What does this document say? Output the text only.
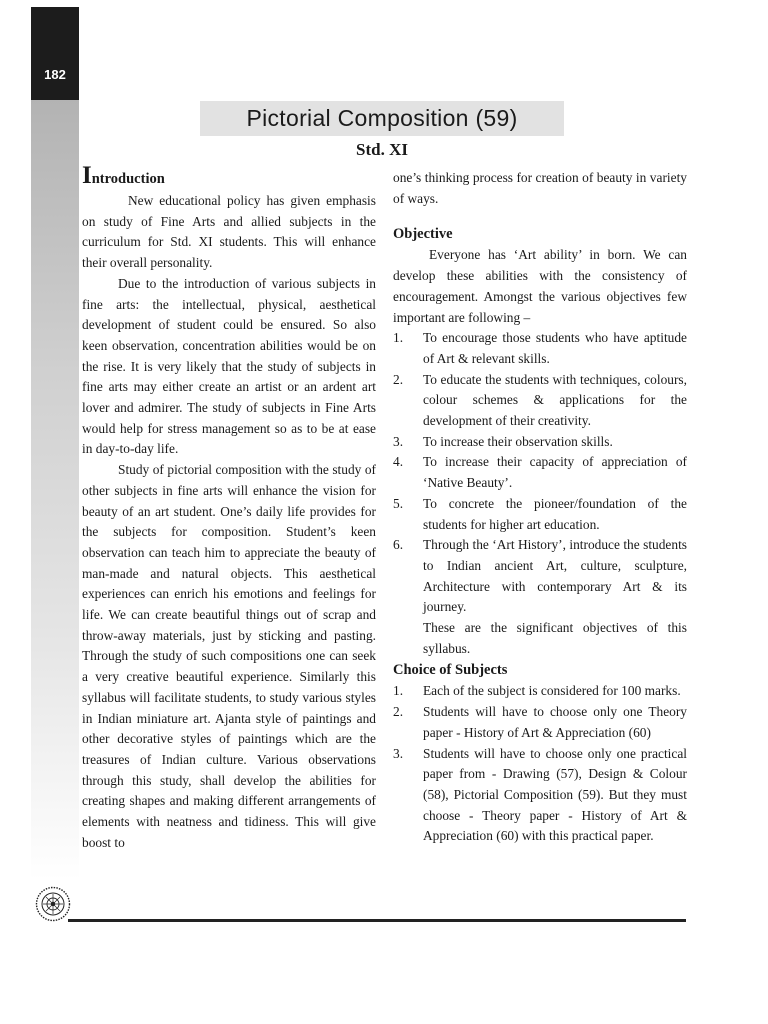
182
Pictorial Composition (59)
Std. XI
Introduction

New educational policy has given emphasis on study of Fine Arts and allied subjects in the curriculum for Std. XI students. This will enhance their overall personality.

Due to the introduction of various subjects in fine arts: the intellectual, physical, aesthetical development of student could be ensured. So also keen observation, concentration abilities would be on the rise. It is very likely that the study of subjects in fine arts may either create an artist or an ardent art lover and admirer. The study of subjects in Fine Arts would help for stress management so as to be at ease in day-to-day life.

Study of pictorial composition with the study of other subjects in fine arts will enhance the vision for beauty of an art student. One’s daily life provides for the subjects for composition. Student’s keen observation can teach him to appreciate the beauty of man-made and natural objects. This aesthetical experiences can enrich his emotions and feelings for life. We can create beautiful things out of scrap and throw-away materials, just by sticking and pasting. Through the study of such compositions one can seek a very creative beautiful experience. Similarly this syllabus will facilitate students, to study various styles in Indian miniature art. Ajanta style of paintings and other decorative styles of paintings which are the treasures of Indian culture. Various observations through this study, shall develop the abilities for creating shapes and making different arrangements of elements with neatness and tidiness. This will give boost to

one’s thinking process for creation of beauty in variety of ways.

Objective

Everyone has ‘Art ability’ in born. We can develop these abilities with the consistency of encouragement. Amongst the various objectives few important are following –

1. To encourage those students who have aptitude of Art & relevant skills.
2. To educate the students with techniques, colours, colour schemes & applications for the development of their creativity.
3. To increase their observation skills.
4. To increase their capacity of appreciation of ‘Native Beauty’.
5. To concrete the pioneer/foundation of the students for higher art education.
6. Through the ‘Art History’, introduce the students to Indian ancient Art, culture, sculpture, Architecture with contemporary Art & its journey.

These are the significant objectives of this syllabus.

Choice of Subjects
1. Each of the subject is considered for 100 marks.
2. Students will have to choose only one Theory paper - History of Art & Appreciation (60)
3. Students will have to choose only one practical paper from - Drawing (57), Design & Colour (58), Pictorial Composition (59). But they must choose - Theory paper - History of Art & Appreciation (60) with this practical paper.
